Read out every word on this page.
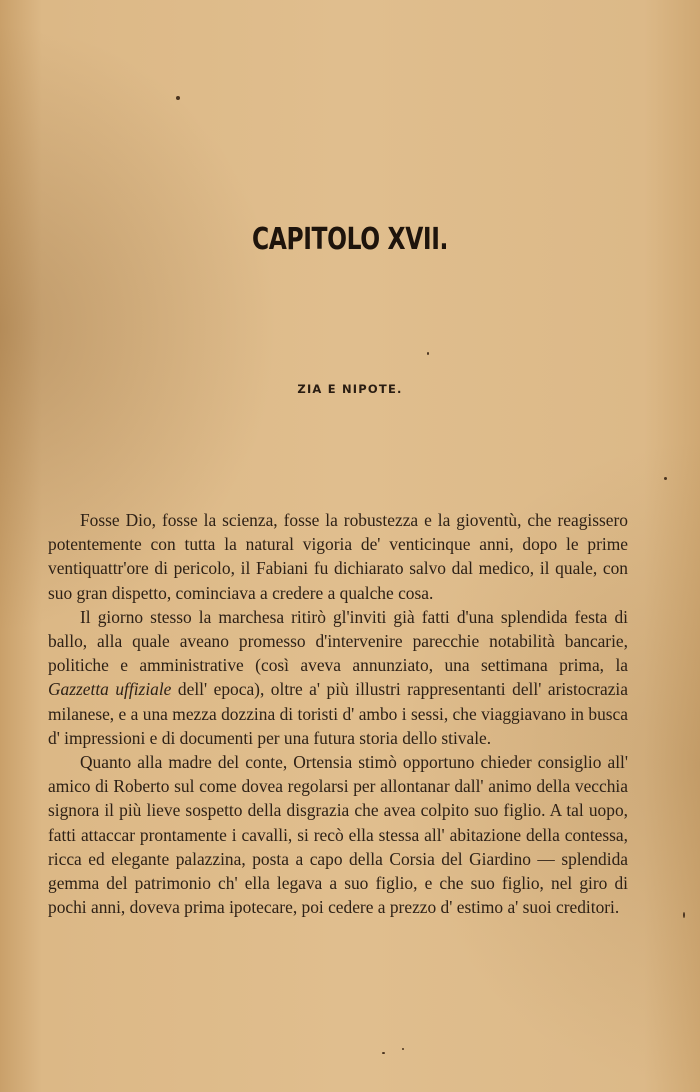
CAPITOLO XVII.
ZIA E NIPOTE.

Fosse Dio, fosse la scienza, fosse la robustezza e la gioventù, che reagissero potentemente con tutta la natural vigoria de' venticinque anni, dopo le prime ventiquattr'ore di pericolo, il Fabiani fu dichiarato salvo dal medico, il quale, con suo gran dispetto, cominciava a credere a qualche cosa.

Il giorno stesso la marchesa ritirò gl'inviti già fatti d'una splendida festa di ballo, alla quale aveano promesso d'intervenire parecchie notabilità bancarie, politiche e amministrative (così aveva annunziato, una settimana prima, la Gazzetta uffiziale dell' epoca), oltre a' più illustri rappresentanti dell' aristocrazia milanese, e a una mezza dozzina di toristi d' ambo i sessi, che viaggiavano in busca d' impressioni e di documenti per una futura storia dello stivale.

Quanto alla madre del conte, Ortensia stimò opportuno chieder consiglio all' amico di Roberto sul come dovea regolarsi per allontanar dall' animo della vecchia signora il più lieve sospetto della disgrazia che avea colpito suo figlio. A tal uopo, fatti attaccar prontamente i cavalli, si recò ella stessa all' abitazione della contessa, ricca ed elegante palazzina, posta a capo della Corsia del Giardino — splendida gemma del patrimonio ch' ella legava a suo figlio, e che suo figlio, nel giro di pochi anni, doveva prima ipotecare, poi cedere a prezzo d' estimo a' suoi creditori.
